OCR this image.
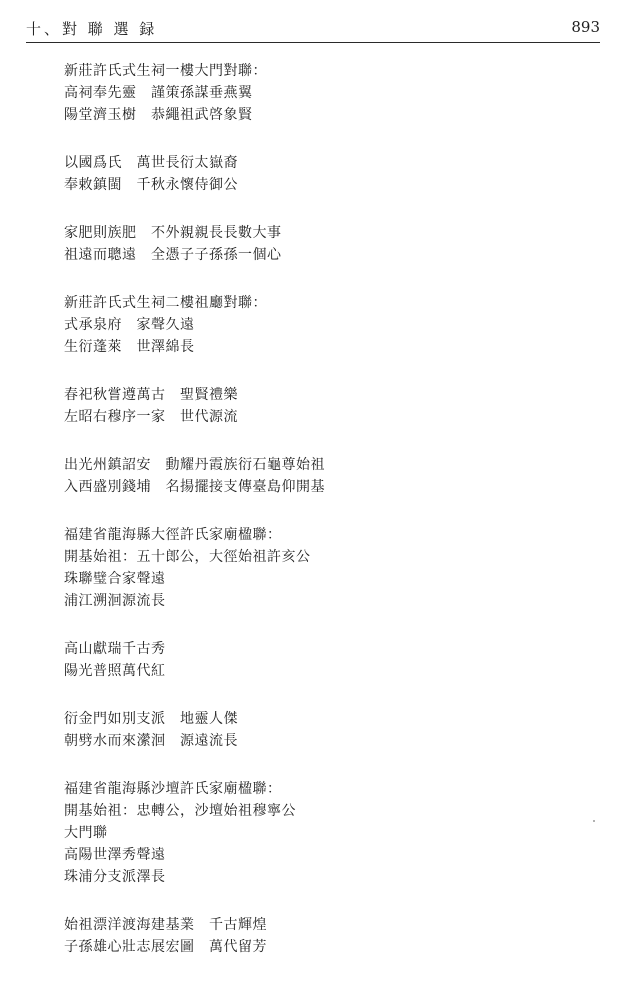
十、對 聯 選 録	893
新莊許氏式生祠一樓大門對聯：
高祠奉先靈　謹策孫謀垂燕翼
陽堂濟玉樹　恭繩祖武啓象賢
以國爲氏　萬世長衍太嶽裔
奉敕鎮閩　千秋永懷侍御公
家肥則族肥　不外親親長長數大事
祖遠而聰遠　全憑子子孫孫一個心
新莊許氏式生祠二樓祖廳對聯：
式承泉府　家聲久遠
生衍蓬萊　世澤綿長
春祀秋嘗遵萬古　聖賢禮樂
左昭右穆序一家　世代源流
出光州鎮詔安　動耀丹霞族衍石龜尊始祖
入西盛別錢埔　名揚擺接支傳臺島仰開基
福建省龍海縣大徑許氏家廟楹聯：
開基始祖：五十郎公，大徑始祖許亥公
珠聯璧合家聲遠
浦江溯洄源流長
高山獻瑞千古秀
陽光普照萬代紅
衍金門如別支派　地靈人傑
朝劈水而來瀠洄　源遠流長
福建省龍海縣沙壇許氏家廟楹聯：
開基始祖：忠轉公，沙壇始祖穆寧公
大門聯
高陽世澤秀聲遠
珠浦分支派澤長
始祖漂洋渡海建基業　千古輝煌
子孫雄心壯志展宏圖　萬代留芳
